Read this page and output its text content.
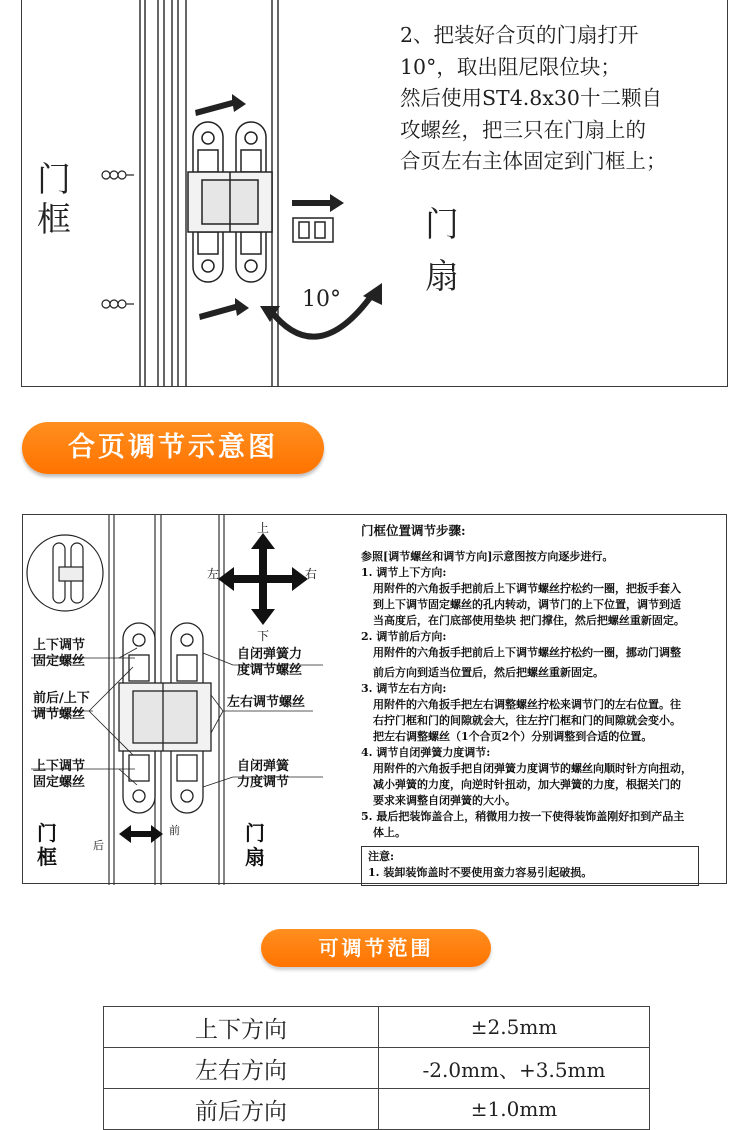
门
框	门
扇
10°
2、把装好合页的门扇打开
10°，取出阻尼限位块；
然后使用ST4.8x30十二颗自
攻螺丝，把三只在门扇上的
合页左右主体固定到门框上；
合页调节示意图
上下调节
固定螺丝
前后/上下
调节螺丝
上下调节
固定螺丝
自闭弹簧力
度调节螺丝
左右调节螺丝
自闭弹簧
力度调节
上
下
左	右
后
前
门
框
门
扇
门框位置调节步骤:
参照[调节螺丝和调节方向]示意图按方向逐步进行。
1. 调节上下方向:
用附件的六角扳手把前后上下调节螺丝拧松约一圈，把扳手套入
到上下调节固定螺丝的孔内转动，调节门的上下位置，调节到适
当高度后，在门底部使用垫块 把门撑住，然后把螺丝重新固定。
2. 调节前后方向:
用附件的六角扳手把前后上下调节螺丝拧松约一圈，挪动门调整
前后方向到适当位置后，然后把螺丝重新固定。
3. 调节左右方向:
用附件的六角扳手把左右调整螺丝拧松来调节门的左右位置。往
右拧门框和门的间隙就会大，往左拧门框和门的间隙就会变小。
把左右调整螺丝（1个合页2个）分别调整到合适的位置。
4. 调节自闭弹簧力度调节:
用附件的六角扳手把自闭弹簧力度调节的螺丝向顺时针方向扭动，
减小弹簧的力度，向逆时针扭动，加大弹簧的力度，根据关门的
要求来调整自闭弹簧的大小。
5. 最后把装饰盖合上，稍微用力按一下使得装饰盖刚好扣到产品主
体上。
注意:
1. 装卸装饰盖时不要使用蛮力容易引起破损。
可调节范围
上下方向	±2.5mm
左右方向	-2.0mm、+3.5mm
前后方向	±1.0mm
